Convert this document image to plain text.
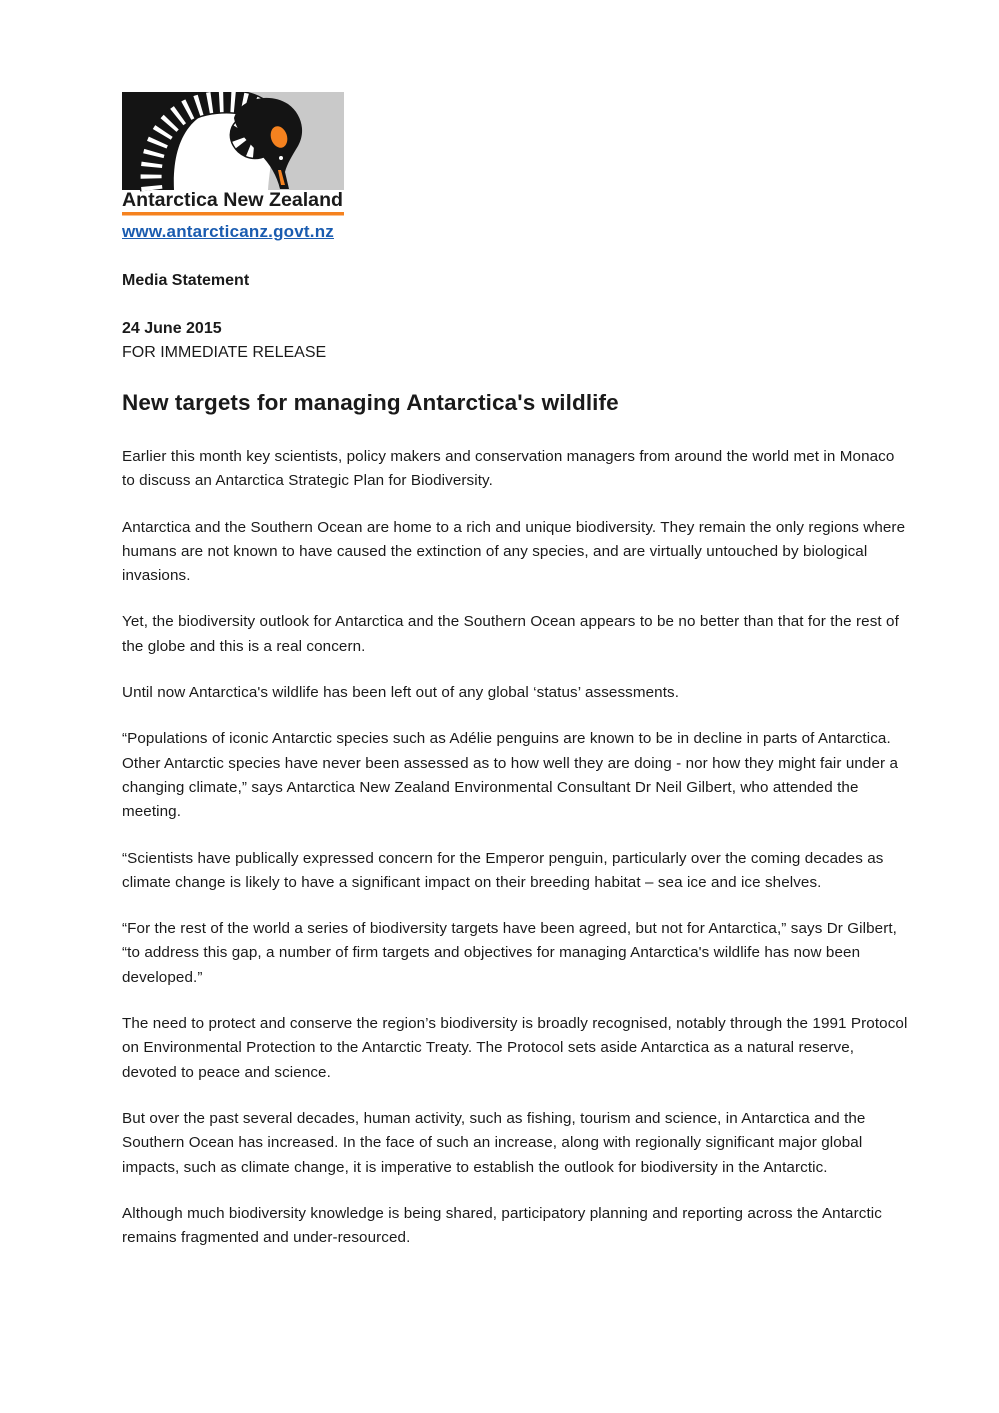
Antarctica New Zealand
www.antarcticanz.govt.nz
Media Statement
24 June 2015
FOR IMMEDIATE RELEASE
New targets for managing Antarctica's wildlife

Earlier this month key scientists, policy makers and conservation managers from around the world met in Monaco to discuss an Antarctica Strategic Plan for Biodiversity.

Antarctica and the Southern Ocean are home to a rich and unique biodiversity. They remain the only regions where humans are not known to have caused the extinction of any species, and are virtually untouched by biological invasions.

Yet, the biodiversity outlook for Antarctica and the Southern Ocean appears to be no better than that for the rest of the globe and this is a real concern.

Until now Antarctica's wildlife has been left out of any global ‘status’ assessments.

“Populations of iconic Antarctic species such as Adélie penguins are known to be in decline in parts of Antarctica. Other Antarctic species have never been assessed as to how well they are doing - nor how they might fair under a changing climate,” says Antarctica New Zealand Environmental Consultant Dr Neil Gilbert, who attended the meeting.

“Scientists have publically expressed concern for the Emperor penguin, particularly over the coming decades as climate change is likely to have a significant impact on their breeding habitat – sea ice and ice shelves.

“For the rest of the world a series of biodiversity targets have been agreed, but not for Antarctica,” says Dr Gilbert, “to address this gap, a number of firm targets and objectives for managing Antarctica's wildlife has now been developed.”

The need to protect and conserve the region’s biodiversity is broadly recognised, notably through the 1991 Protocol on Environmental Protection to the Antarctic Treaty. The Protocol sets aside Antarctica as a natural reserve, devoted to peace and science.

But over the past several decades, human activity, such as fishing, tourism and science, in Antarctica and the Southern Ocean has increased. In the face of such an increase, along with regionally significant major global impacts, such as climate change, it is imperative to establish the outlook for biodiversity in the Antarctic.

Although much biodiversity knowledge is being shared, participatory planning and reporting across the Antarctic remains fragmented and under-resourced.
